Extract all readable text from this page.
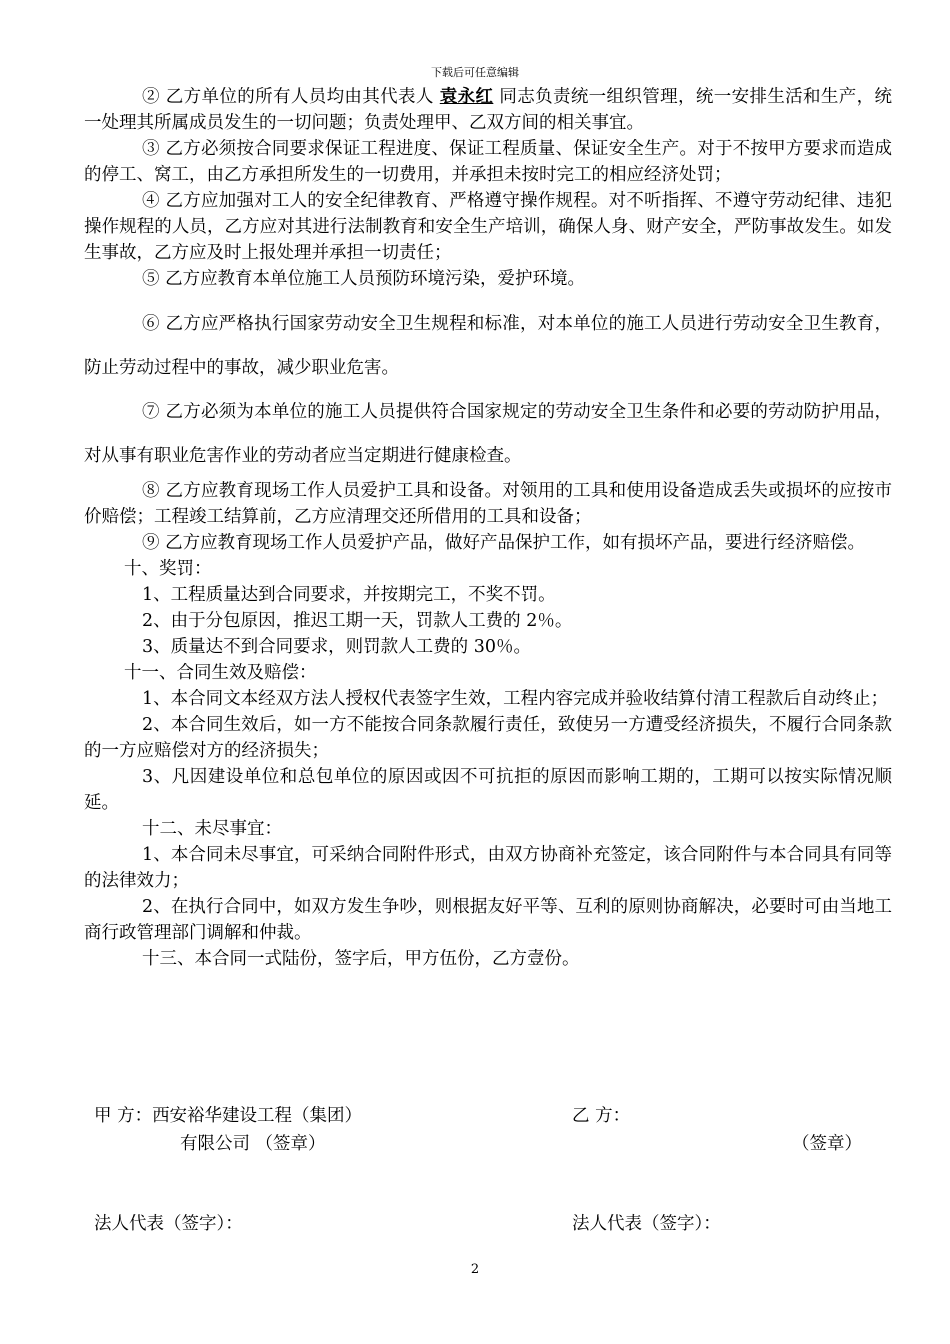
下载后可任意编辑

② 乙方单位的所有人员均由其代表人 袁永红 同志负责统一组织管理，统一安排生活和生产，统一处理其所属成员发生的一切问题；负责处理甲、乙双方间的相关事宜。

③ 乙方必须按合同要求保证工程进度、保证工程质量、保证安全生产。对于不按甲方要求而造成的停工、窝工，由乙方承担所发生的一切费用，并承担未按时完工的相应经济处罚；

④ 乙方应加强对工人的安全纪律教育、严格遵守操作规程。对不听指挥、不遵守劳动纪律、违犯操作规程的人员，乙方应对其进行法制教育和安全生产培训，确保人身、财产安全，严防事故发生。如发生事故，乙方应及时上报处理并承担一切责任；

⑤ 乙方应教育本单位施工人员预防环境污染，爱护环境。

⑥ 乙方应严格执行国家劳动安全卫生规程和标准，对本单位的施工人员进行劳动安全卫生教育，防止劳动过程中的事故，减少职业危害。

⑦ 乙方必须为本单位的施工人员提供符合国家规定的劳动安全卫生条件和必要的劳动防护用品，对从事有职业危害作业的劳动者应当定期进行健康检查。

⑧ 乙方应教育现场工作人员爱护工具和设备。对领用的工具和使用设备造成丢失或损坏的应按市价赔偿；工程竣工结算前，乙方应清理交还所借用的工具和设备；

⑨ 乙方应教育现场工作人员爱护产品，做好产品保护工作，如有损坏产品，要进行经济赔偿。

十、奖罚：

1、工程质量达到合同要求，并按期完工，不奖不罚。

2、由于分包原因，推迟工期一天，罚款人工费的 2％。

3、质量达不到合同要求，则罚款人工费的 30％。

十一、合同生效及赔偿：

1、本合同文本经双方法人授权代表签字生效，工程内容完成并验收结算付清工程款后自动终止；

2、本合同生效后，如一方不能按合同条款履行责任，致使另一方遭受经济损失，不履行合同条款的一方应赔偿对方的经济损失；

3、凡因建设单位和总包单位的原因或因不可抗拒的原因而影响工期的，工期可以按实际情况顺延。

十二、未尽事宜：

1、本合同未尽事宜，可采纳合同附件形式，由双方协商补充签定，该合同附件与本合同具有同等的法律效力；

2、在执行合同中，如双方发生争吵，则根据友好平等、互利的原则协商解决，必要时可由当地工商行政管理部门调解和仲裁。

十三、本合同一式陆份，签字后，甲方伍份，乙方壹份。

甲 方：西安裕华建设工程（集团）	乙 方：
有限公司 （签章）	（签章）
法人代表（签字）：	法人代表（签字）：
2
